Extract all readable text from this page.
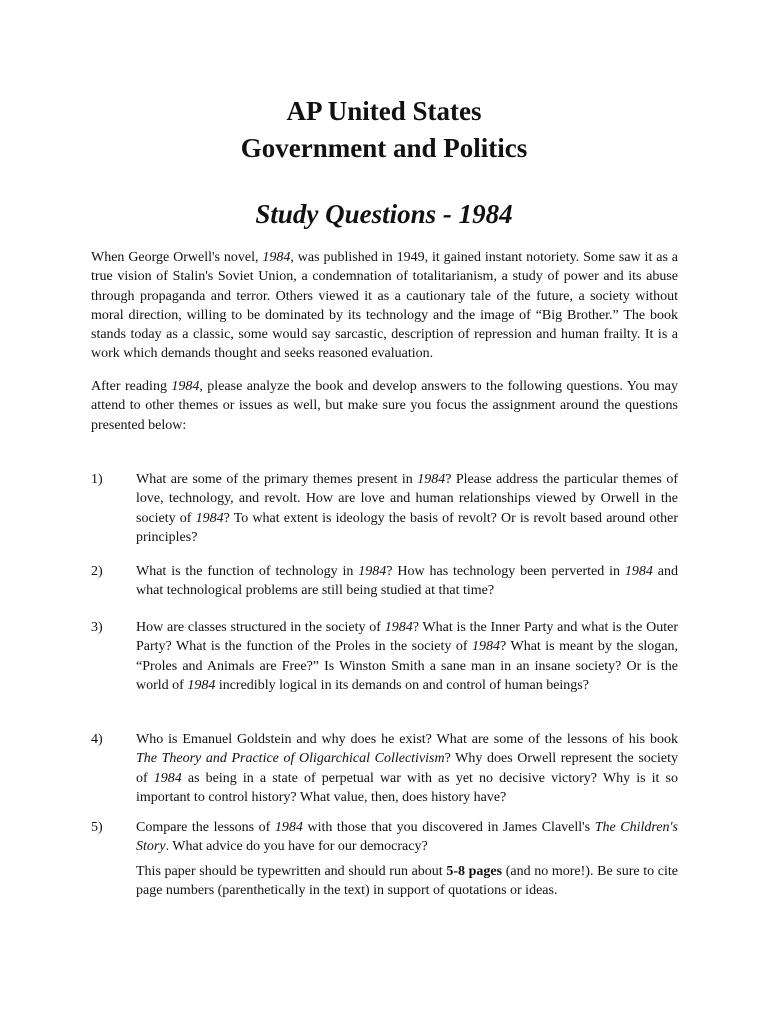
AP United States

Government and Politics

Study Questions - 1984

When George Orwell's novel, 1984, was published in 1949, it gained instant notoriety. Some saw it as a true vision of Stalin's Soviet Union, a condemnation of totalitarianism, a study of power and its abuse through propaganda and terror. Others viewed it as a cautionary tale of the future, a society without moral direction, willing to be dominated by its technology and the image of “Big Brother.” The book stands today as a classic, some would say sarcastic, description of repression and human frailty. It is a work which demands thought and seeks reasoned evaluation.

After reading 1984, please analyze the book and develop answers to the following questions. You may attend to other themes or issues as well, but make sure you focus the assignment around the questions presented below:

1)	What are some of the primary themes present in 1984? Please address the particular themes of love, technology, and revolt. How are love and human relationships viewed by Orwell in the society of 1984? To what extent is ideology the basis of revolt? Or is revolt based around other principles?
2)	What is the function of technology in 1984? How has technology been perverted in 1984 and what technological problems are still being studied at that time?
3)	How are classes structured in the society of 1984? What is the Inner Party and what is the Outer Party? What is the function of the Proles in the society of 1984? What is meant by the slogan, “Proles and Animals are Free?” Is Winston Smith a sane man in an insane society? Or is the world of 1984 incredibly logical in its demands on and control of human beings?
4)	Who is Emanuel Goldstein and why does he exist? What are some of the lessons of his book The Theory and Practice of Oligarchical Collectivism? Why does Orwell represent the society of 1984 as being in a state of perpetual war with as yet no decisive victory? Why is it so important to control history? What value, then, does history have?
5)	Compare the lessons of 1984 with those that you discovered in James Clavell's The Children's Story. What advice do you have for our democracy?

This paper should be typewritten and should run about 5-8 pages (and no more!). Be sure to cite page numbers (parenthetically in the text) in support of quotations or ideas.
